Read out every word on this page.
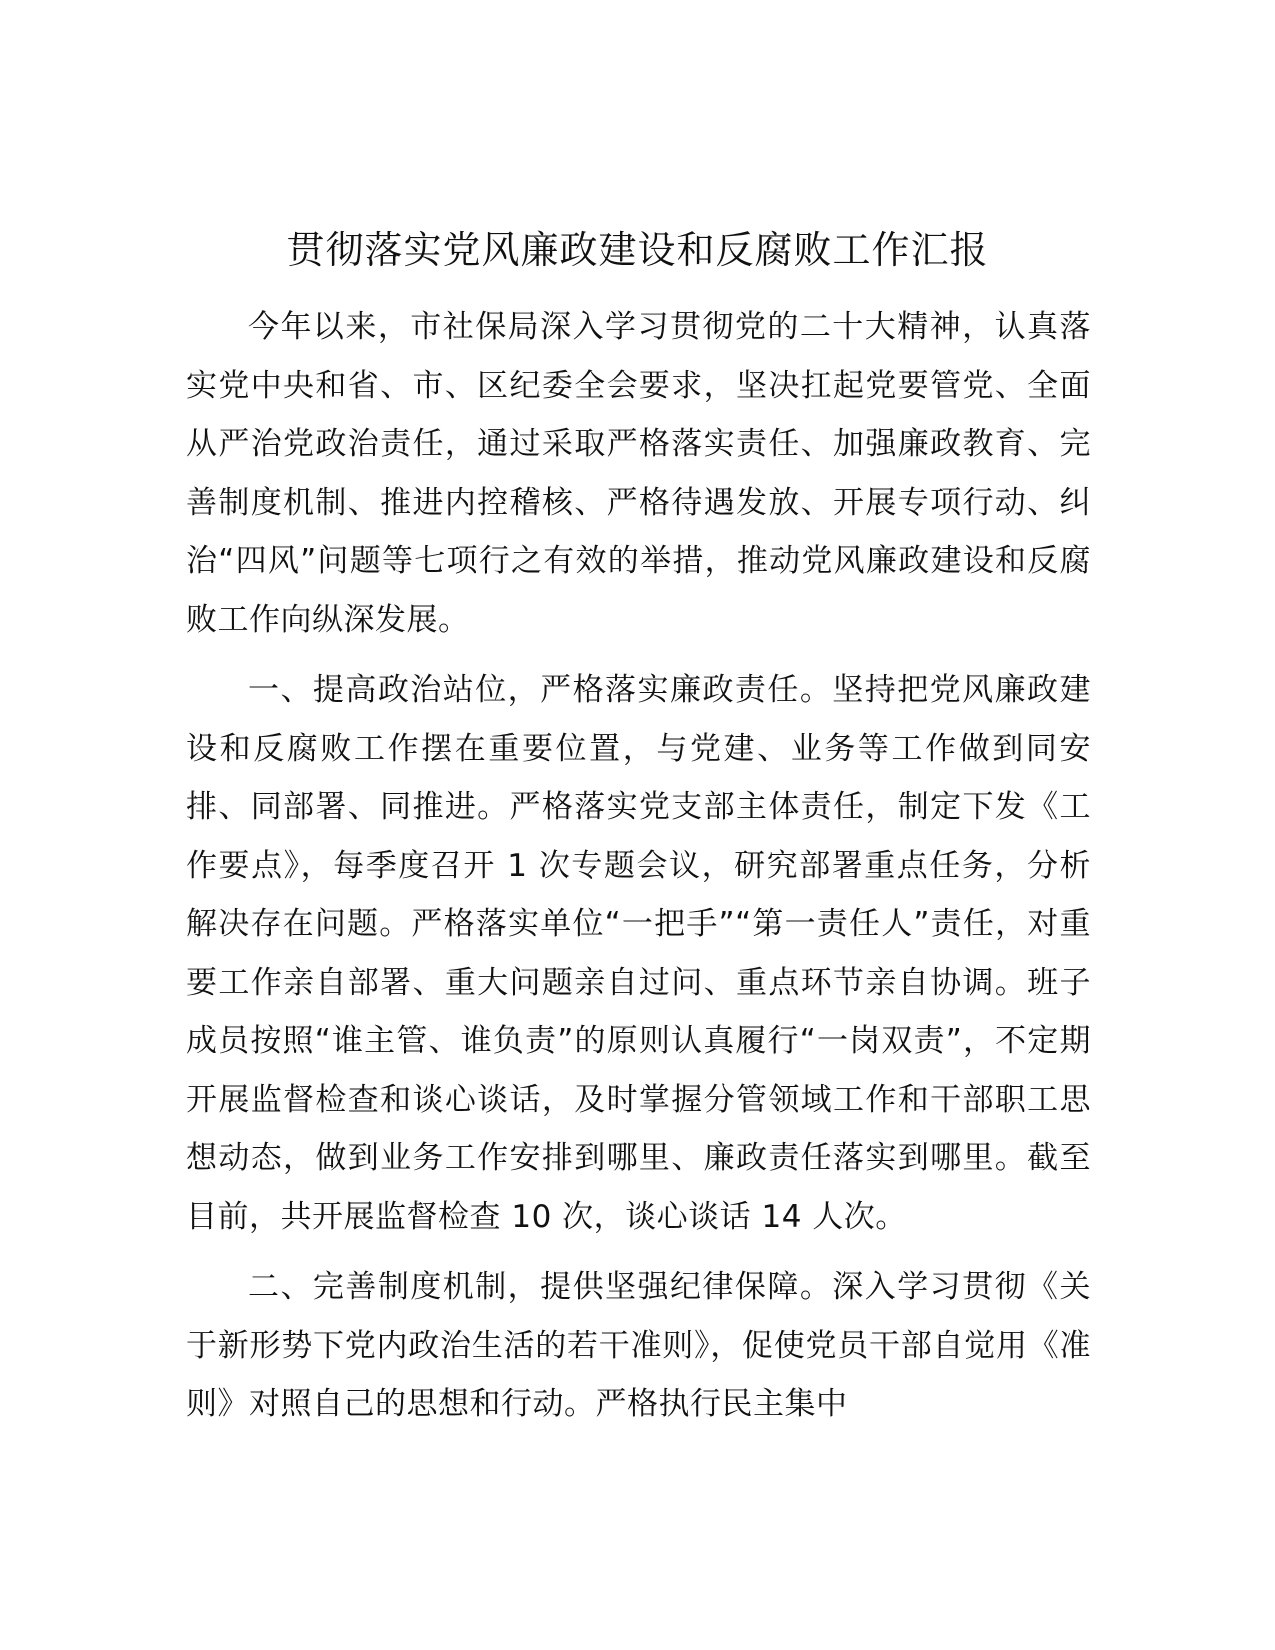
贯彻落实党风廉政建设和反腐败工作汇报

今年以来，市社保局深入学习贯彻党的二十大精神，认真落实党中央和省、市、区纪委全会要求，坚决扛起党要管党、全面从严治党政治责任，通过采取严格落实责任、加强廉政教育、完善制度机制、推进内控稽核、严格待遇发放、开展专项行动、纠治“四风”问题等七项行之有效的举措，推动党风廉政建设和反腐败工作向纵深发展。

一、提高政治站位，严格落实廉政责任。坚持把党风廉政建设和反腐败工作摆在重要位置，与党建、业务等工作做到同安排、同部署、同推进。严格落实党支部主体责任，制定下发《工作要点》，每季度召开 1 次专题会议，研究部署重点任务，分析解决存在问题。严格落实单位“一把手”“第一责任人”责任，对重要工作亲自部署、重大问题亲自过问、重点环节亲自协调。班子成员按照“谁主管、谁负责”的原则认真履行“一岗双责”，不定期开展监督检查和谈心谈话，及时掌握分管领域工作和干部职工思想动态，做到业务工作安排到哪里、廉政责任落实到哪里。截至目前，共开展监督检查 10 次，谈心谈话 14 人次。

二、完善制度机制，提供坚强纪律保障。深入学习贯彻《关于新形势下党内政治生活的若干准则》，促使党员干部自觉用《准则》对照自己的思想和行动。严格执行民主集中
